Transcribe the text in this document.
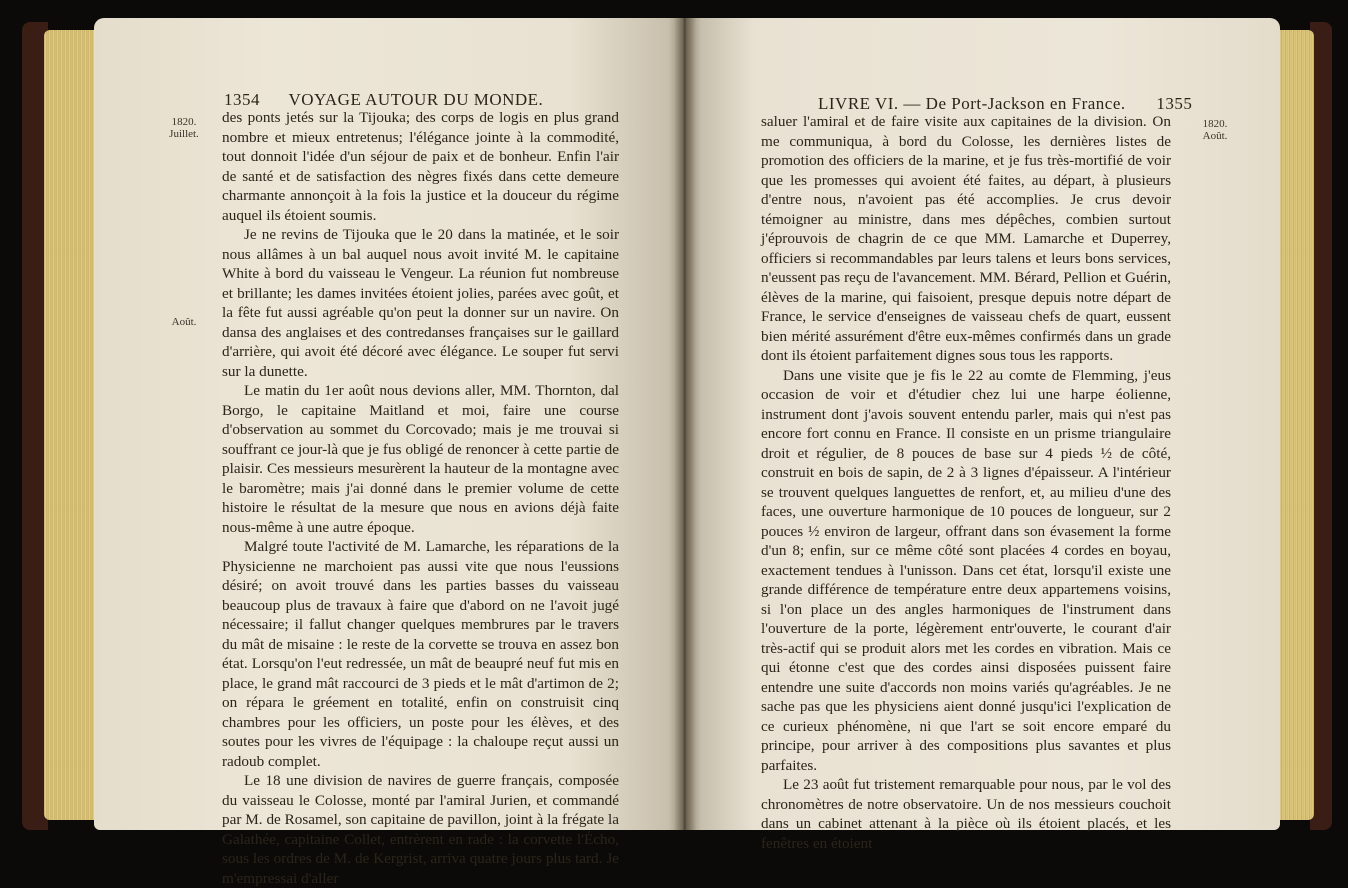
1354 VOYAGE AUTOUR DU MONDE.
1820.
Juillet.
Août.

des ponts jetés sur la Tijouka; des corps de logis en plus grand nombre et mieux entretenus; l'élégance jointe à la commodité, tout donnoit l'idée d'un séjour de paix et de bonheur. Enfin l'air de santé et de satisfaction des nègres fixés dans cette demeure charmante annonçoit à la fois la justice et la douceur du régime auquel ils étoient soumis.

Je ne revins de Tijouka que le 20 dans la matinée, et le soir nous allâmes à un bal auquel nous avoit invité M. le capitaine White à bord du vaisseau le Vengeur. La réunion fut nombreuse et brillante; les dames invitées étoient jolies, parées avec goût, et la fête fut aussi agréable qu'on peut la donner sur un navire. On dansa des anglaises et des contredanses françaises sur le gaillard d'arrière, qui avoit été décoré avec élégance. Le souper fut servi sur la dunette.

Le matin du 1er août nous devions aller, MM. Thornton, dal Borgo, le capitaine Maitland et moi, faire une course d'observation au sommet du Corcovado; mais je me trouvai si souffrant ce jour-là que je fus obligé de renoncer à cette partie de plaisir. Ces messieurs mesurèrent la hauteur de la montagne avec le baromètre; mais j'ai donné dans le premier volume de cette histoire le résultat de la mesure que nous en avions déjà faite nous-même à une autre époque.

Malgré toute l'activité de M. Lamarche, les réparations de la Physicienne ne marchoient pas aussi vite que nous l'eussions désiré; on avoit trouvé dans les parties basses du vaisseau beaucoup plus de travaux à faire que d'abord on ne l'avoit jugé nécessaire; il fallut changer quelques membrures par le travers du mât de misaine : le reste de la corvette se trouva en assez bon état. Lorsqu'on l'eut redressée, un mât de beaupré neuf fut mis en place, le grand mât raccourci de 3 pieds et le mât d'artimon de 2; on répara le gréement en totalité, enfin on construisit cinq chambres pour les officiers, un poste pour les élèves, et des soutes pour les vivres de l'équipage : la chaloupe reçut aussi un radoub complet.

Le 18 une division de navires de guerre français, composée du vaisseau le Colosse, monté par l'amiral Jurien, et commandé par M. de Rosamel, son capitaine de pavillon, joint à la frégate la Galathée, capitaine Collet, entrèrent en rade : la corvette l'Écho, sous les ordres de M. de Kergrist, arriva quatre jours plus tard. Je m'empressai d'aller

LIVRE VI. — De Port-Jackson en France. 1355
1820.
Août.

saluer l'amiral et de faire visite aux capitaines de la division. On me communiqua, à bord du Colosse, les dernières listes de promotion des officiers de la marine, et je fus très-mortifié de voir que les promesses qui avoient été faites, au départ, à plusieurs d'entre nous, n'avoient pas été accomplies. Je crus devoir témoigner au ministre, dans mes dépêches, combien surtout j'éprouvois de chagrin de ce que MM. Lamarche et Duperrey, officiers si recommandables par leurs talens et leurs bons services, n'eussent pas reçu de l'avancement. MM. Bérard, Pellion et Guérin, élèves de la marine, qui faisoient, presque depuis notre départ de France, le service d'enseignes de vaisseau chefs de quart, eussent bien mérité assurément d'être eux-mêmes confirmés dans un grade dont ils étoient parfaitement dignes sous tous les rapports.

Dans une visite que je fis le 22 au comte de Flemming, j'eus occasion de voir et d'étudier chez lui une harpe éolienne, instrument dont j'avois souvent entendu parler, mais qui n'est pas encore fort connu en France. Il consiste en un prisme triangulaire droit et régulier, de 8 pouces de base sur 4 pieds ½ de côté, construit en bois de sapin, de 2 à 3 lignes d'épaisseur. A l'intérieur se trouvent quelques languettes de renfort, et, au milieu d'une des faces, une ouverture harmonique de 10 pouces de longueur, sur 2 pouces ½ environ de largeur, offrant dans son évasement la forme d'un 8; enfin, sur ce même côté sont placées 4 cordes en boyau, exactement tendues à l'unisson. Dans cet état, lorsqu'il existe une grande différence de température entre deux appartemens voisins, si l'on place un des angles harmoniques de l'instrument dans l'ouverture de la porte, légèrement entr'ouverte, le courant d'air très-actif qui se produit alors met les cordes en vibration. Mais ce qui étonne c'est que des cordes ainsi disposées puissent faire entendre une suite d'accords non moins variés qu'agréables. Je ne sache pas que les physiciens aient donné jusqu'ici l'explication de ce curieux phénomène, ni que l'art se soit encore emparé du principe, pour arriver à des compositions plus savantes et plus parfaites.

Le 23 août fut tristement remarquable pour nous, par le vol des chronomètres de notre observatoire. Un de nos messieurs couchoit dans un cabinet attenant à la pièce où ils étoient placés, et les fenêtres en étoient
